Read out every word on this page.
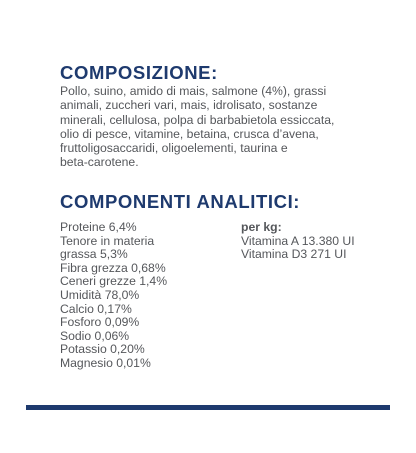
COMPOSIZIONE:

Pollo, suino, amido di mais, salmone (4%), grassi
animali, zuccheri vari, mais, idrolisato, sostanze
minerali, cellulosa, polpa di barbabietola essiccata,
olio di pesce, vitamine, betaina, crusca d’avena,
fruttoligosaccaridi, oligoelementi, taurina e
beta-carotene.

COMPONENTI ANALITICI:
Proteine 6,4%
Tenore in materia
grassa 5,3%
Fibra grezza 0,68%
Ceneri grezze 1,4%
Umidità 78,0%
Calcio 0,17%
Fosforo 0,09%
Sodio 0,06%
Potassio 0,20%
Magnesio 0,01%
per kg:
Vitamina A 13.380 UI
Vitamina D3 271 UI
